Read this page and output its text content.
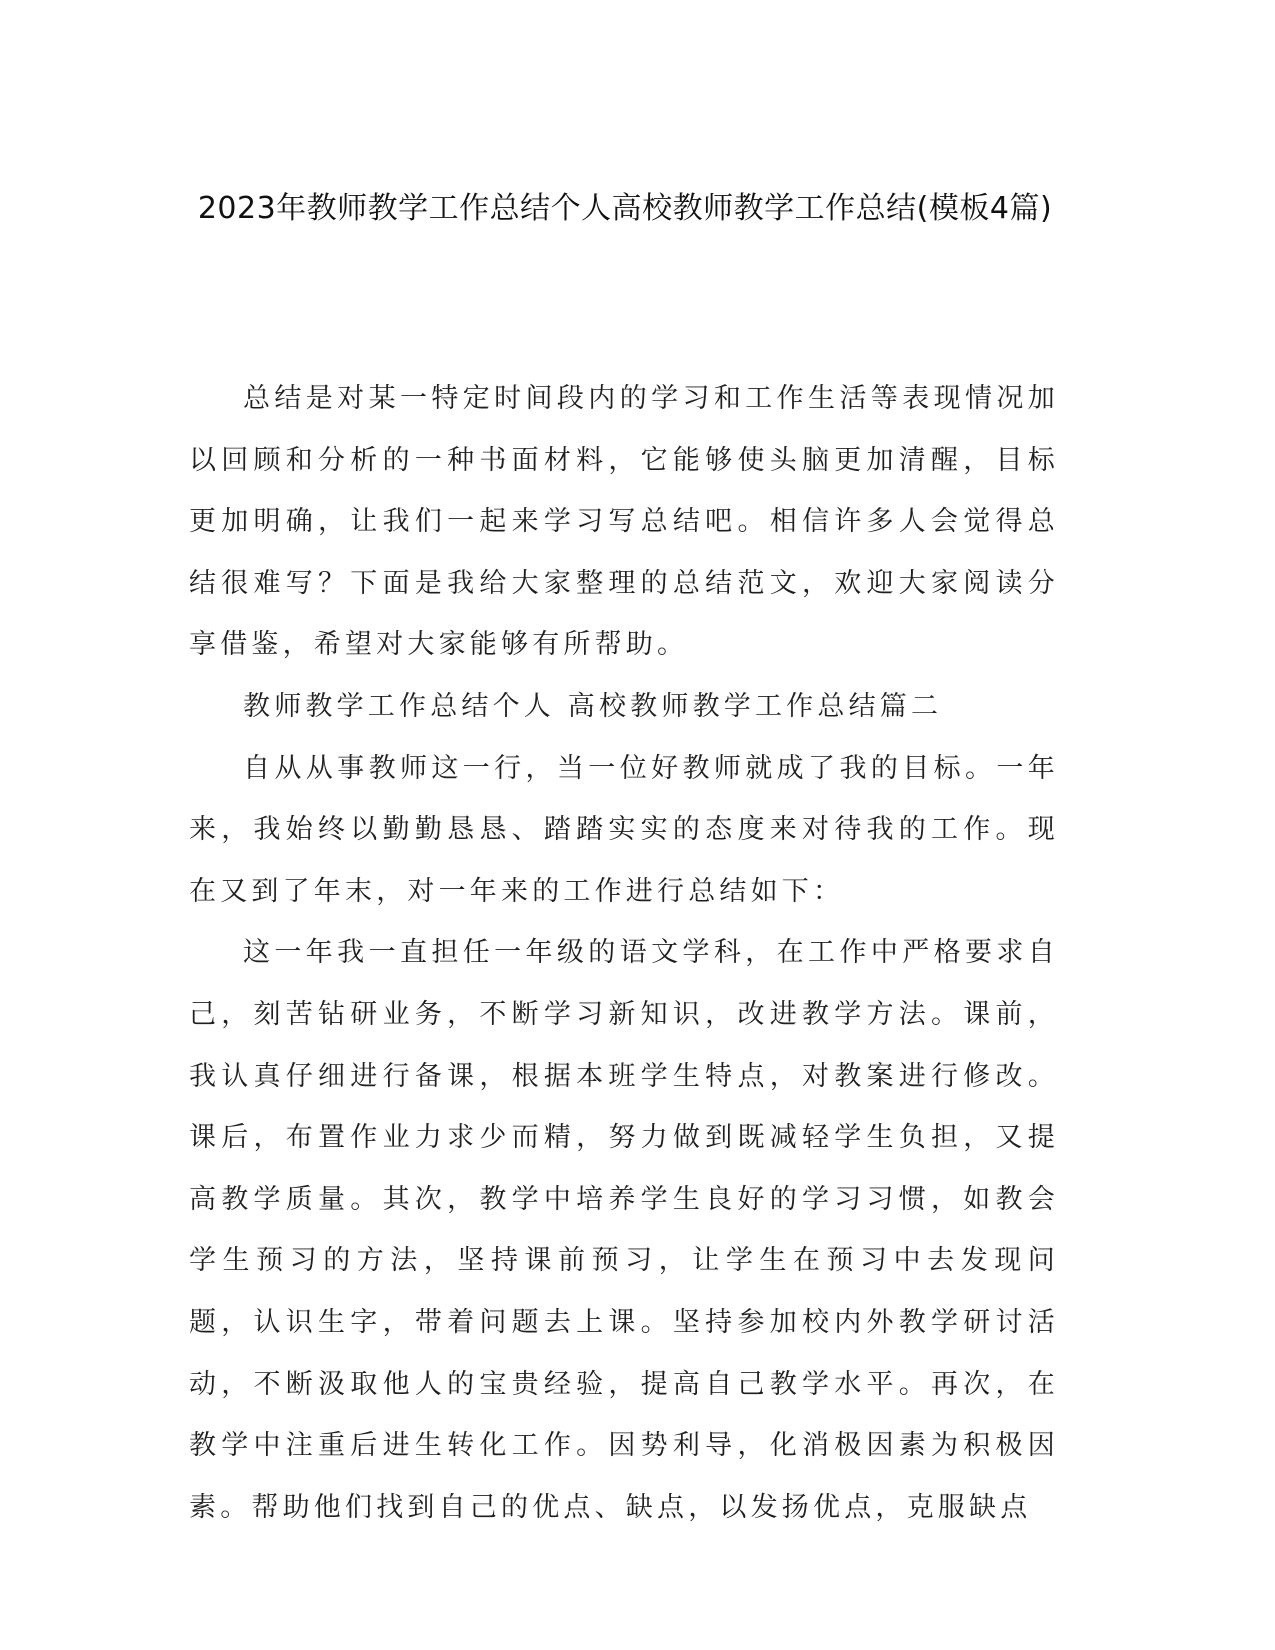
2023年教师教学工作总结个人高校教师教学工作总结(模板4篇)

总结是对某一特定时间段内的学习和工作生活等表现情况加以回顾和分析的一种书面材料，它能够使头脑更加清醒，目标更加明确，让我们一起来学习写总结吧。相信许多人会觉得总结很难写？下面是我给大家整理的总结范文，欢迎大家阅读分享借鉴，希望对大家能够有所帮助。

教师教学工作总结个人 高校教师教学工作总结篇二

自从从事教师这一行，当一位好教师就成了我的目标。一年来，我始终以勤勤恳恳、踏踏实实的态度来对待我的工作。现在又到了年末，对一年来的工作进行总结如下：

这一年我一直担任一年级的语文学科，在工作中严格要求自己，刻苦钻研业务，不断学习新知识，改进教学方法。课前，我认真仔细进行备课，根据本班学生特点，对教案进行修改。课后，布置作业力求少而精，努力做到既减轻学生负担，又提高教学质量。其次，教学中培养学生良好的学习习惯，如教会学生预习的方法，坚持课前预习，让学生在预习中去发现问题，认识生字，带着问题去上课。坚持参加校内外教学研讨活动，不断汲取他人的宝贵经验，提高自己教学水平。再次，在教学中注重后进生转化工作。因势利导，化消极因素为积极因素。帮助他们找到自己的优点、缺点，以发扬优点，克服缺点
